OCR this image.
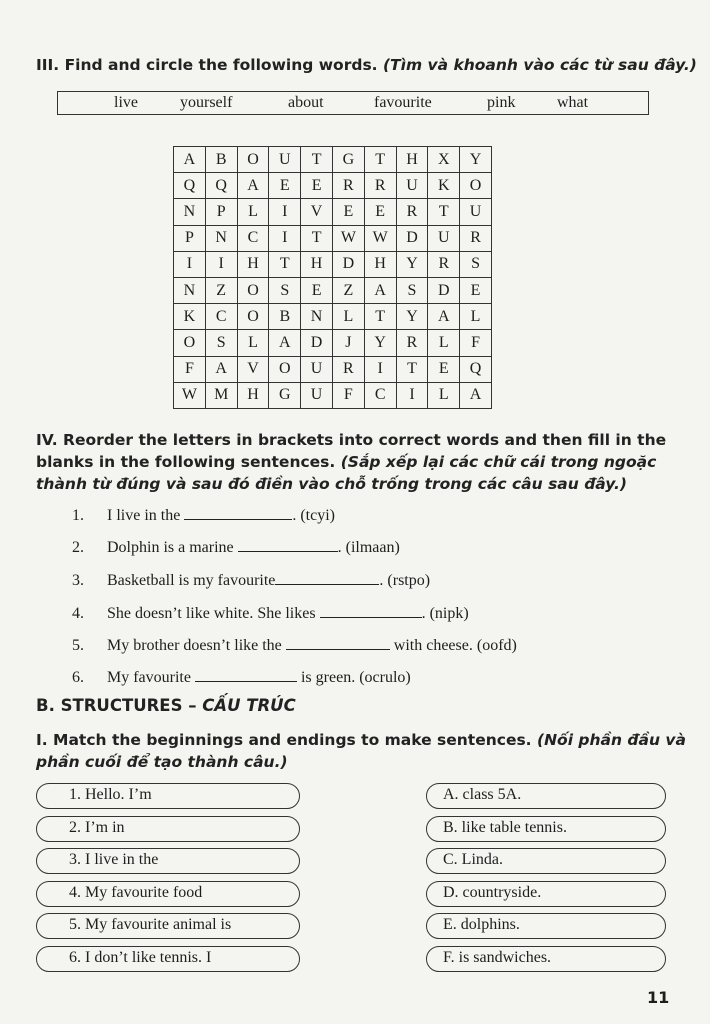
III. Find and circle the following words. (Tìm và khoanh vào các từ sau đây.)
live	yourself	about	favourite	pink	what
A	B	O	U	T	G	T	H	X	Y
Q	Q	A	E	E	R	R	U	K	O
N	P	L	I	V	E	E	R	T	U
P	N	C	I	T	W	W	D	U	R
I	I	H	T	H	D	H	Y	R	S
N	Z	O	S	E	Z	A	S	D	E
K	C	O	B	N	L	T	Y	A	L
O	S	L	A	D	J	Y	R	L	F
F	A	V	O	U	R	I	T	E	Q
W	M	H	G	U	F	C	I	L	A
IV. Reorder the letters in brackets into correct words and then fill in the blanks in the following sentences. (Sắp xếp lại các chữ cái trong ngoặc thành từ đúng và sau đó điền vào chỗ trống trong các câu sau đây.)
1. I live in the	. (tcyi)
2. Dolphin is a marine	. (ilmaan)
3. Basketball is my favourite	. (rstpo)
4. She doesn’t like white. She likes	. (nipk)
5. My brother doesn’t like the	with cheese. (oofd)
6. My favourite	is green. (ocrulo)
B. STRUCTURES – CẤU TRÚC
I. Match the beginnings and endings to make sentences. (Nối phần đầu và phần cuối để tạo thành câu.)
1. Hello. I’m
2. I’m in
3. I live in the
4. My favourite food
5. My favourite animal is
6. I don’t like tennis. I
A. class 5A.
B. like table tennis.
C. Linda.
D. countryside.
E. dolphins.
F. is sandwiches.
11
